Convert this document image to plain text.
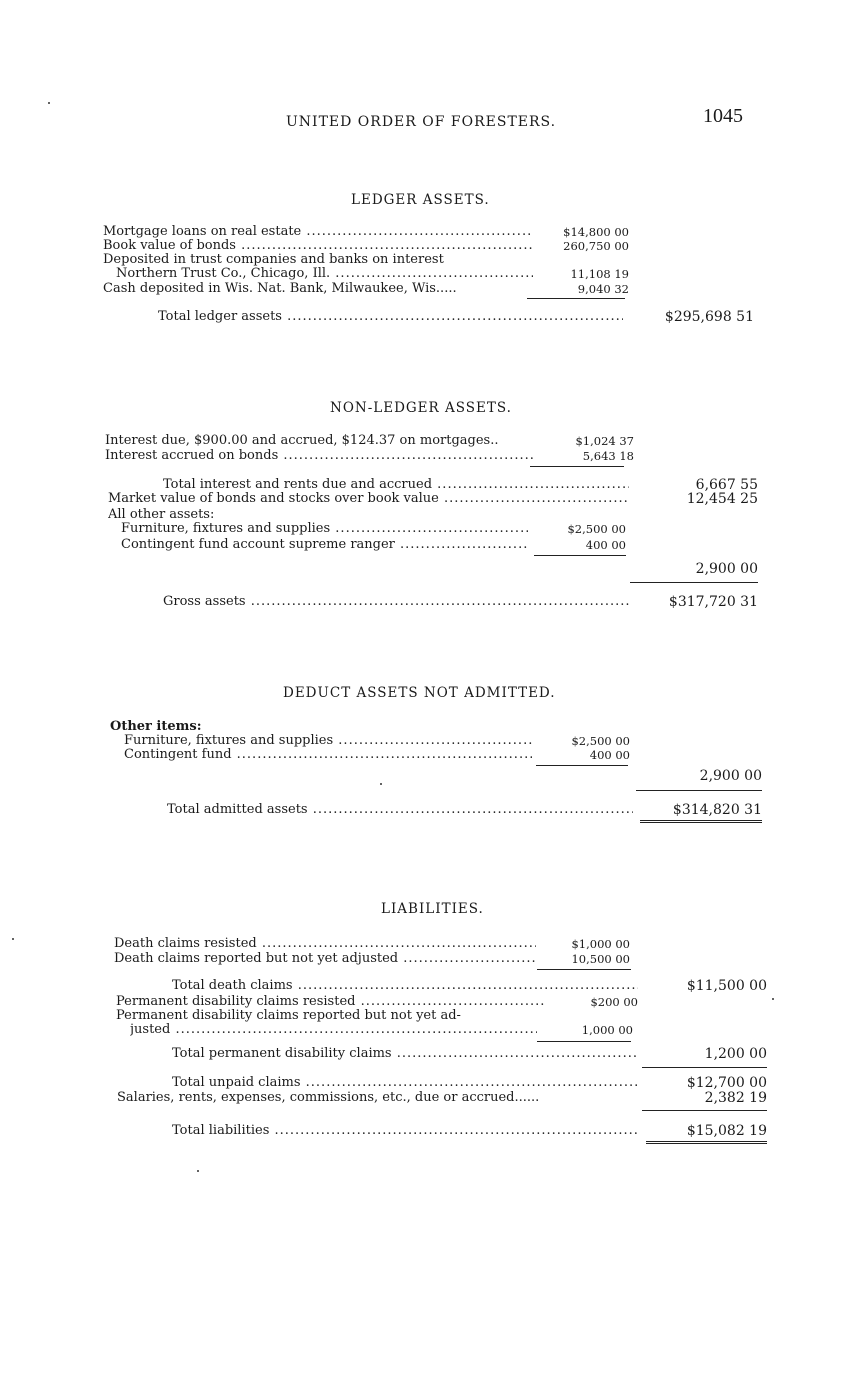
UNITED ORDER OF FORESTERS.	1045
LEDGER ASSETS.
Mortgage loans on real estate .....	$14,800 00
Book value of bonds .....	260,750 00
Deposited in trust companies and banks on interest
Northern Trust Co., Chicago, Ill. .....	11,108 19
Cash deposited in Wis. Nat. Bank, Milwaukee, Wis.....	9,040 32
Total ledger assets .....	$295,698 51
NON-LEDGER ASSETS.
Interest due, $900.00 and accrued, $124.37 on mortgages..	$1,024 37
Interest accrued on bonds .....	5,643 18
Total interest and rents due and accrued .....	6,667 55
Market value of bonds and stocks over book value .....	12,454 25
All other assets:
Furniture, fixtures and supplies .....	$2,500 00
Contingent fund account supreme ranger .....	400 00
2,900 00
Gross assets .....	$317,720 31
DEDUCT ASSETS NOT ADMITTED.
Other items:
Furniture, fixtures and supplies .....	$2,500 00
Contingent fund .....	400 00
2,900 00
Total admitted assets .....	$314,820 31
LIABILITIES.
Death claims resisted .....	$1,000 00
Death claims reported but not yet adjusted .....	10,500 00
Total death claims .....	$11,500 00
Permanent disability claims resisted .....	$200 00
Permanent disability claims reported but not yet ad-
justed .....	1,000 00
Total permanent disability claims .....	1,200 00
Total unpaid claims .....	$12,700 00
Salaries, rents, expenses, commissions, etc., due or accrued......	2,382 19
Total liabilities .....	$15,082 19
